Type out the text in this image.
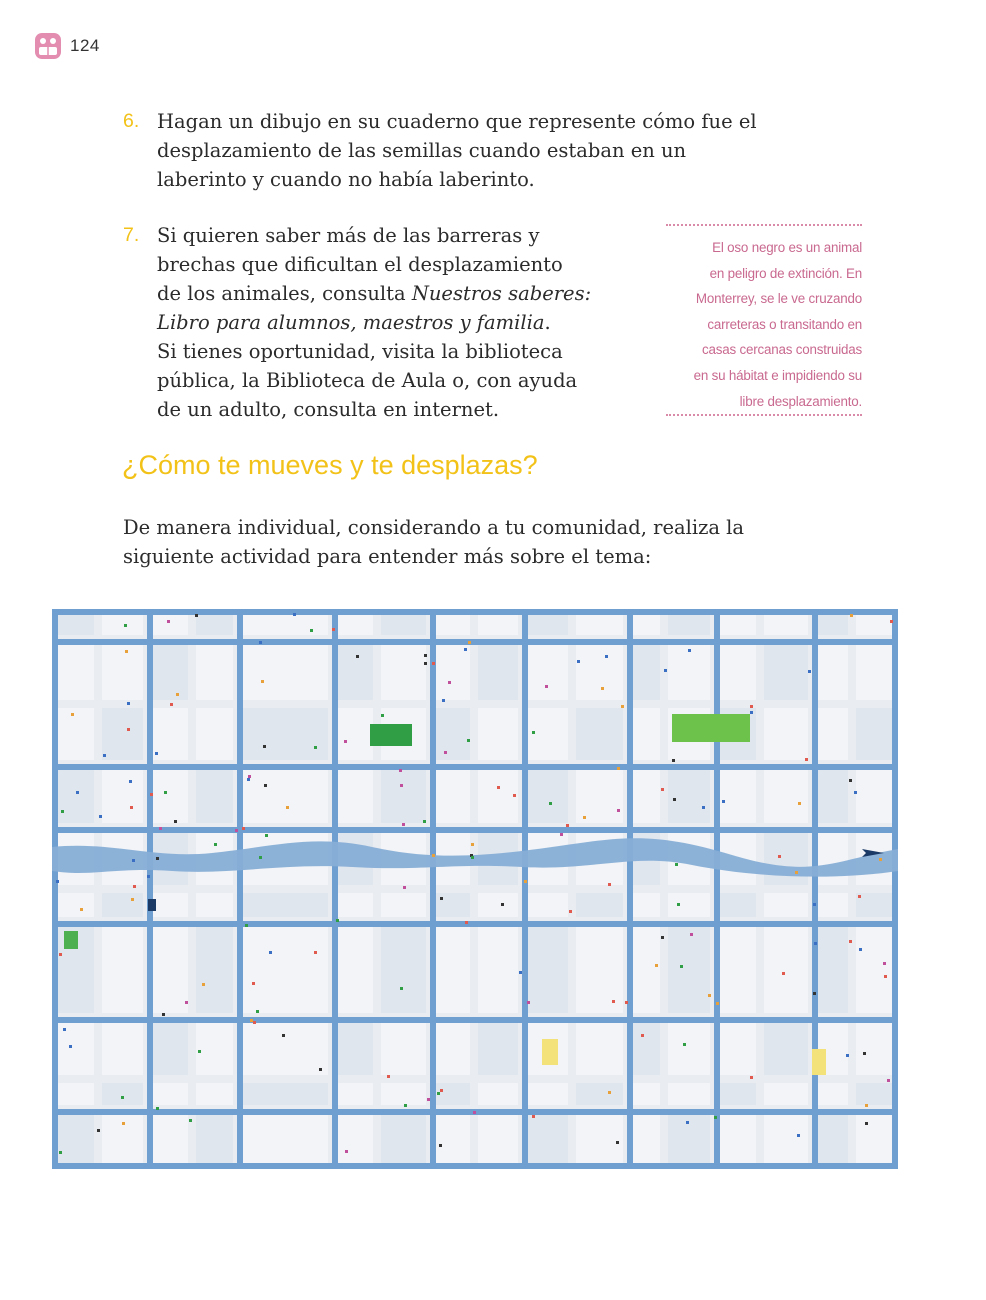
124
6. Hagan un dibujo en su cuaderno que represente cómo fue el desplazamiento de las semillas cuando estaban en un laberinto y cuando no había laberinto.
7. Si quieren saber más de las barreras y
brechas que dificultan el desplazamiento
de los animales, consulta Nuestros saberes:
Libro para alumnos, maestros y familia.
Si tienes oportunidad, visita la biblioteca
pública, la Biblioteca de Aula o, con ayuda
de un adulto, consulta en internet.
El oso negro es un animal
en peligro de extinción. En
Monterrey, se le ve cruzando
carreteras o transitando en
casas cercanas construidas
en su hábitat e impidiendo su
libre desplazamiento.
¿Cómo te mueves y te desplazas?
De manera individual, considerando a tu comunidad, realiza la siguiente actividad para entender más sobre el tema:
